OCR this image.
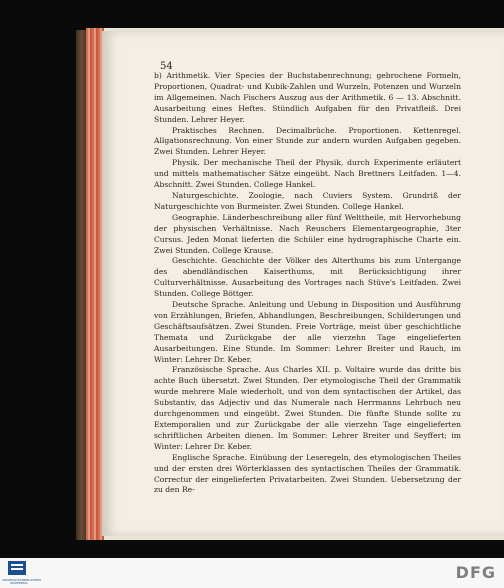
54

b) Arithmetik. Vier Species der Buchstabenrechnung; gebrochene Formeln, Proportionen, Quadrat- und Kubik-Zahlen und Wurzeln, Potenzen und Wurzeln im Allgemeinen. Nach Fischers Auszug aus der Arithmetik. 6 — 13. Abschnitt. Ausarbeitung eines Heftes. Stündlich Aufgaben für den Privatfleiß. Drei Stunden. Lehrer Heyer.

Praktisches Rechnen. Decimalbrüche. Proportionen. Kettenregel. Allgationsrechnung. Von einer Stunde zur andern wurden Aufgaben gegeben. Zwei Stunden. Lehrer Heyer.

Physik. Der mechanische Theil der Physik, durch Experimente erläutert und mittels mathematischer Sätze eingeübt. Nach Brettners Leitfaden. 1—4. Abschnitt. Zwei Stunden. College Hankel.

Naturgeschichte. Zoologie, nach Cuviers System. Grundriß der Naturgeschichte von Burmeister. Zwei Stunden. College Hankel.

Geographie. Länderbeschreibung aller fünf Welttheile, mit Hervorhebung der physischen Verhältnisse. Nach Reuschers Elementargeographie, 3ter Cursus. Jeden Monat lieferten die Schüler eine hydrographische Charte ein. Zwei Stunden. College Krause.

Geschichte. Geschichte der Völker des Alterthums bis zum Untergange des abendländischen Kaiserthums, mit Berücksichtigung ihrer Culturverhältnisse. Ausarbeitung des Vortrages nach Stüve's Leitfaden. Zwei Stunden. College Böttger.

Deutsche Sprache. Anleitung und Uebung in Disposition und Ausführung von Erzählungen, Briefen, Abhandlungen, Beschreibungen, Schilderungen und Geschäftsaufsätzen. Zwei Stunden. Freie Vorträge, meist über geschichtliche Themata und Zurückgabe der alle vierzehn Tage eingelieferten Ausarbeitungen. Eine Stunde. Im Sommer: Lehrer Breiter und Rauch, im Winter: Lehrer Dr. Keber.

Französische Sprache. Aus Charles XII. p. Voltaire wurde das dritte bis achte Buch übersetzt. Zwei Stunden. Der etymologische Theil der Grammatik wurde mehrere Male wiederholt, und von dem syntactischen der Artikel, das Substantiv, das Adjectiv und das Numerale nach Herrmanns Lehrbuch neu durchgenommen und eingeübt. Zwei Stunden. Die fünfte Stunde sollte zu Extemporalien und zur Zurückgabe der alle vierzehn Tage eingelieferten schriftlichen Arbeiten dienen. Im Sommer: Lehrer Breiter und Seyffert; im Winter: Lehrer Dr. Keber.

Englische Sprache. Einübung der Leseregeln, des etymologischen Theiles und der ersten drei Wörterklassen des syntactischen Theiles der Grammatik. Correctur der eingelieferten Privatarbeiten. Zwei Stunden. Uebersetzung der zu den Re-

UNIVERSITÄTSBIBLIOTHEK WUPPERTAL
DFG
